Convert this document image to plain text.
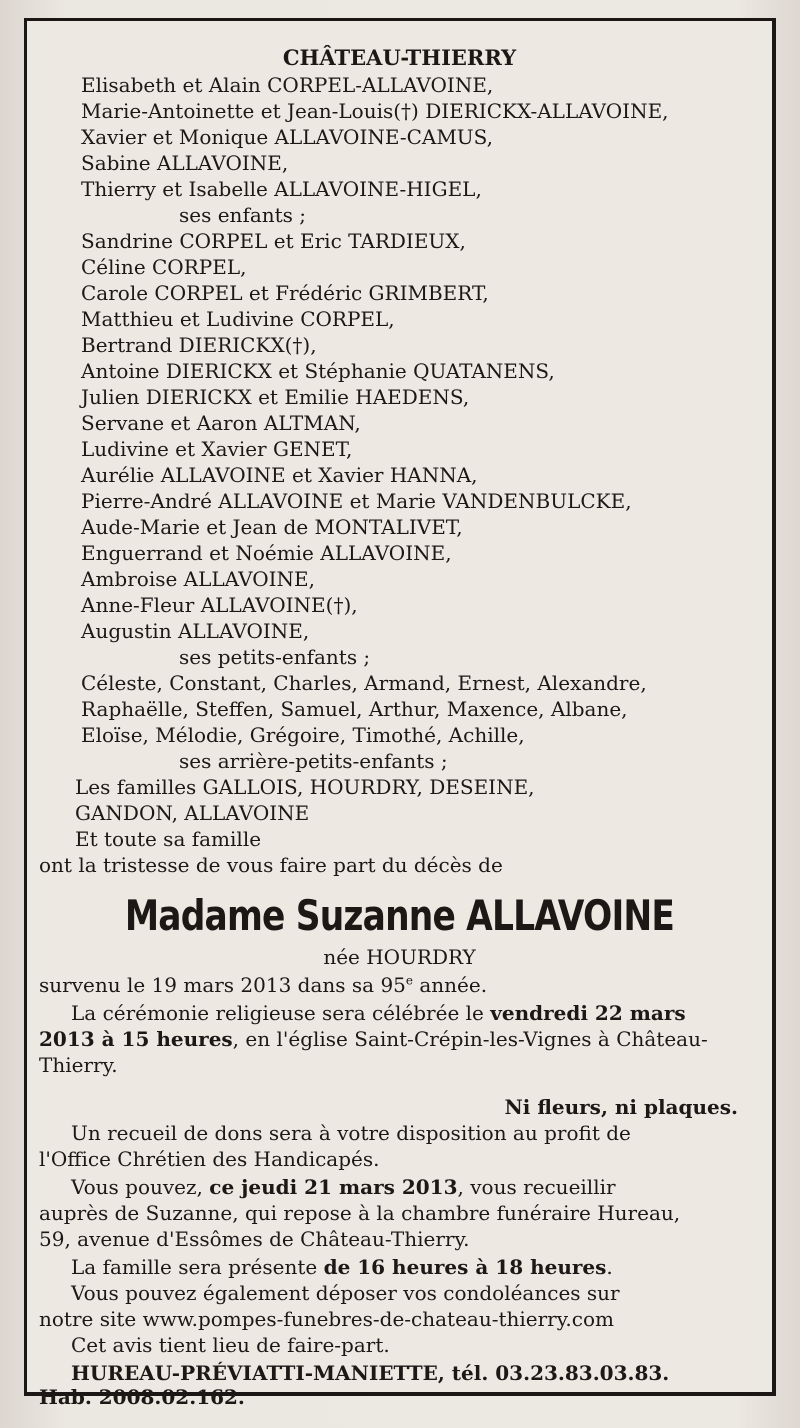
CHÂTEAU-THIERRY
Elisabeth et Alain CORPEL-ALLAVOINE,
Marie-Antoinette et Jean-Louis(†) DIERICKX-ALLAVOINE,
Xavier et Monique ALLAVOINE-CAMUS,
Sabine ALLAVOINE,
Thierry et Isabelle ALLAVOINE-HIGEL,
ses enfants ;
Sandrine CORPEL et Eric TARDIEUX,
Céline CORPEL,
Carole CORPEL et Frédéric GRIMBERT,
Matthieu et Ludivine CORPEL,
Bertrand DIERICKX(†),
Antoine DIERICKX et Stéphanie QUATANENS,
Julien DIERICKX et Emilie HAEDENS,
Servane et Aaron ALTMAN,
Ludivine et Xavier GENET,
Aurélie ALLAVOINE et Xavier HANNA,
Pierre-André ALLAVOINE et Marie VANDENBULCKE,
Aude-Marie et Jean de MONTALIVET,
Enguerrand et Noémie ALLAVOINE,
Ambroise ALLAVOINE,
Anne-Fleur ALLAVOINE(†),
Augustin ALLAVOINE,
ses petits-enfants ;
Céleste, Constant, Charles, Armand, Ernest, Alexandre,
Raphaëlle, Steffen, Samuel, Arthur, Maxence, Albane,
Eloïse, Mélodie, Grégoire, Timothé, Achille,
ses arrière-petits-enfants ;
Les familles GALLOIS, HOURDRY, DESEINE,
GANDON, ALLAVOINE
Et toute sa famille
ont la tristesse de vous faire part du décès de
Madame Suzanne ALLAVOINE
née HOURDRY
survenu le 19 mars 2013 dans sa 95e année.
La cérémonie religieuse sera célébrée le vendredi 22 mars
2013 à 15 heures, en l'église Saint-Crépin-les-Vignes à Château-
Thierry.
Ni fleurs, ni plaques.
Un recueil de dons sera à votre disposition au profit de
l'Office Chrétien des Handicapés.
Vous pouvez, ce jeudi 21 mars 2013, vous recueillir
auprès de Suzanne, qui repose à la chambre funéraire Hureau,
59, avenue d'Essômes de Château-Thierry.
La famille sera présente de 16 heures à 18 heures.
Vous pouvez également déposer vos condoléances sur
notre site www.pompes-funebres-de-chateau-thierry.com
Cet avis tient lieu de faire-part.
HUREAU-PRÉVIATTI-MANIETTE, tél. 03.23.83.03.83.
Hab. 2008.02.162.
